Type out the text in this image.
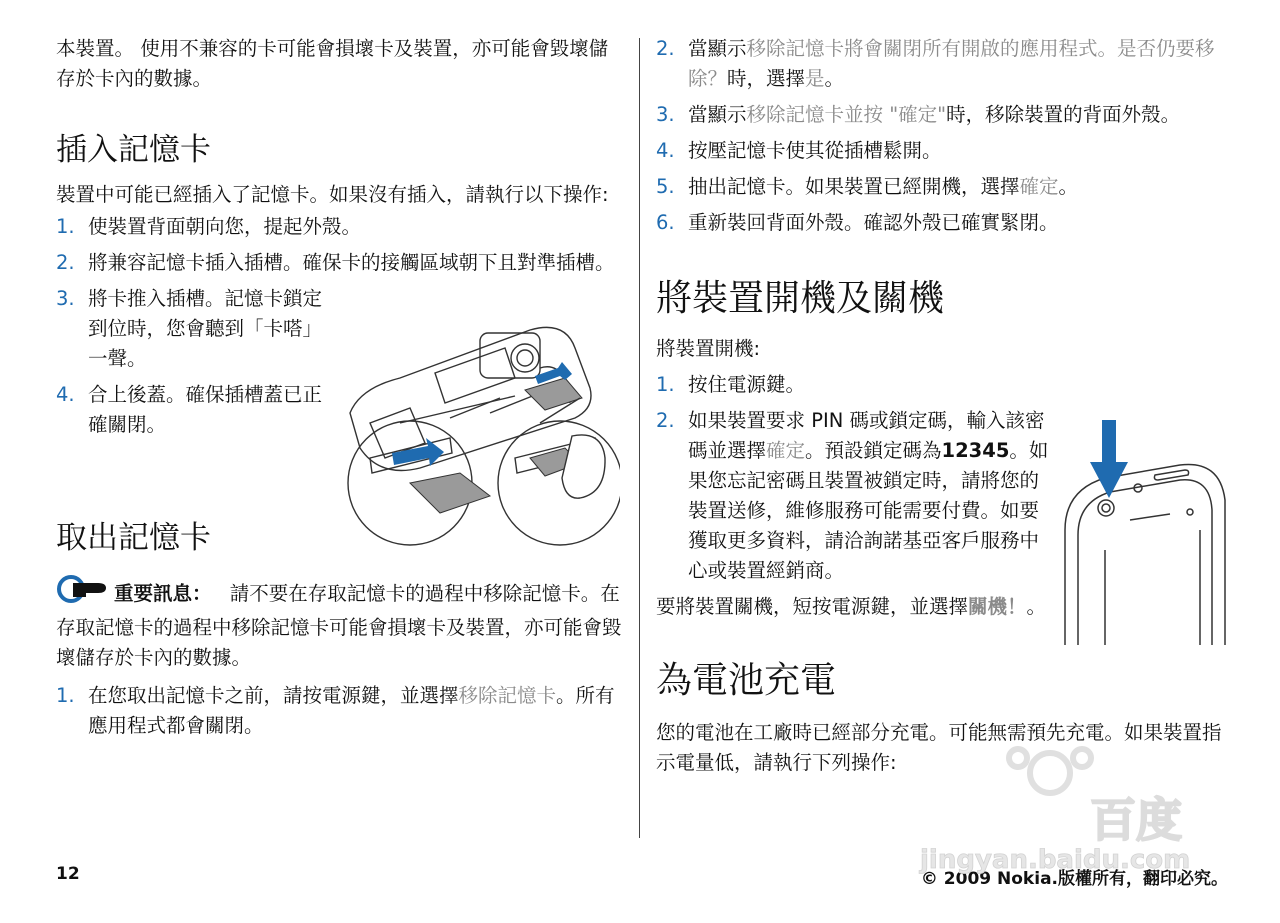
本裝置。 使用不兼容的卡可能會損壞卡及裝置，亦可能會毀壞儲存於卡內的數據。

插入記憶卡

裝置中可能已經插入了記憶卡。如果沒有插入，請執行以下操作:

1. 使裝置背面朝向您，提起外殼。
2. 將兼容記憶卡插入插槽。確保卡的接觸區域朝下且對準插槽。
3. 將卡推入插槽。記憶卡鎖定到位時，您會聽到「卡嗒」一聲。
4. 合上後蓋。確保插槽蓋已正確關閉。
取出記憶卡

重要訊息： 請不要在存取記憶卡的過程中移除記憶卡。在存取記憶卡的過程中移除記憶卡可能會損壞卡及裝置，亦可能會毀壞儲存於卡內的數據。

1. 在您取出記憶卡之前，請按電源鍵，並選擇移除記憶卡。所有應用程式都會關閉。
2. 當顯示移除記憶卡將會關閉所有開啟的應用程式。是否仍要移除？時，選擇是。
3. 當顯示移除記憶卡並按 "確定"時，移除裝置的背面外殼。
4. 按壓記憶卡使其從插槽鬆開。
5. 抽出記憶卡。如果裝置已經開機，選擇確定。
6. 重新裝回背面外殼。確認外殼已確實緊閉。
將裝置開機及關機

將裝置開機:

1. 按住電源鍵。
2. 如果裝置要求 PIN 碼或鎖定碼，輸入該密碼並選擇確定。預設鎖定碼為12345。如果您忘記密碼且裝置被鎖定時，請將您的裝置送修，維修服務可能需要付費。如要獲取更多資料，請洽詢諾基亞客戶服務中心或裝置經銷商。

要將裝置關機，短按電源鍵，並選擇關機！。

為電池充電

您的電池在工廠時已經部分充電。可能無需預先充電。如果裝置指示電量低，請執行下列操作:

12	© 2009 Nokia.版權所有，翻印必究。
百度
jingyan.baidu.com
